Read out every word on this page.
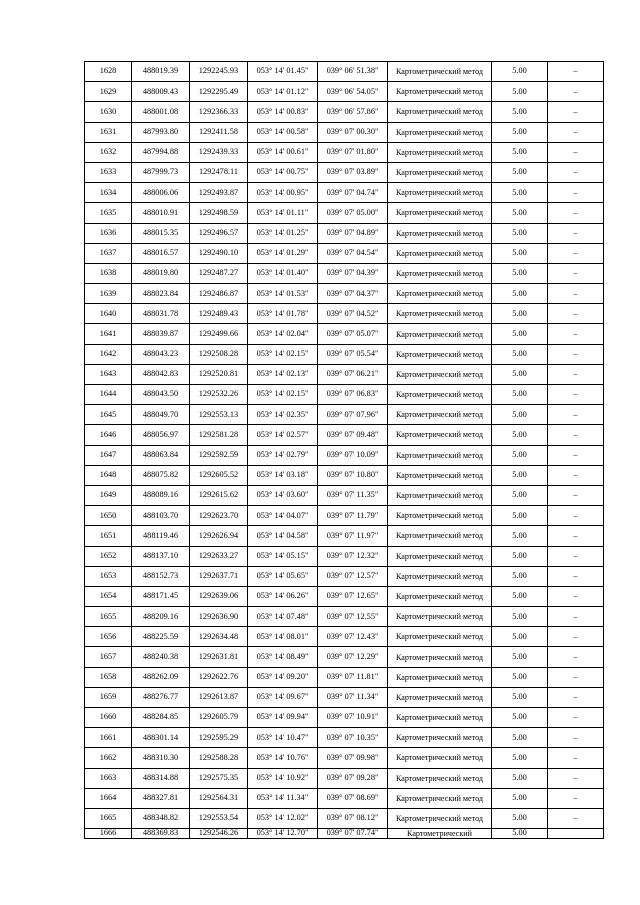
1628	488019.39	1292245.93	053° 14' 01.45"	039° 06' 51.38"	Картометрический метод	5.00	–
1629	488009.43	1292295.49	053° 14' 01.12"	039° 06' 54.05"	Картометрический метод	5.00	–
1630	488001.08	1292366.33	053° 14' 00.83"	039° 06' 57.86"	Картометрический метод	5.00	–
1631	487993.80	1292411.58	053° 14' 00.58"	039° 07' 00.30"	Картометрический метод	5.00	–
1632	487994.88	1292439.33	053° 14' 00.61"	039° 07' 01.80"	Картометрический метод	5.00	–
1633	487999.73	1292478.11	053° 14' 00.75"	039° 07' 03.89"	Картометрический метод	5.00	–
1634	488006.06	1292493.87	053° 14' 00.95"	039° 07' 04.74"	Картометрический метод	5.00	–
1635	488010.91	1292498.59	053° 14' 01.11"	039° 07' 05.00"	Картометрический метод	5.00	–
1636	488015.35	1292496.57	053° 14' 01.25"	039° 07' 04.89"	Картометрический метод	5.00	–
1637	488016.57	1292490.10	053° 14' 01.29"	039° 07' 04.54"	Картометрический метод	5.00	–
1638	488019.80	1292487.27	053° 14' 01.40"	039° 07' 04.39"	Картометрический метод	5.00	–
1639	488023.84	1292486.87	053° 14' 01.53"	039° 07' 04.37"	Картометрический метод	5.00	–
1640	488031.78	1292489.43	053° 14' 01.78"	039° 07' 04.52"	Картометрический метод	5.00	–
1641	488039.87	1292499.66	053° 14' 02.04"	039° 07' 05.07"	Картометрический метод	5.00	–
1642	488043.23	1292508.28	053° 14' 02.15"	039° 07' 05.54"	Картометрический метод	5.00	–
1643	488042.83	1292520.81	053° 14' 02.13"	039° 07' 06.21"	Картометрический метод	5.00	–
1644	488043.50	1292532.26	053° 14' 02.15"	039° 07' 06.83"	Картометрический метод	5.00	–
1645	488049.70	1292553.13	053° 14' 02.35"	039° 07' 07.96"	Картометрический метод	5.00	–
1646	488056.97	1292581.28	053° 14' 02.57"	039° 07' 09.48"	Картометрический метод	5.00	–
1647	488063.84	1292592.59	053° 14' 02.79"	039° 07' 10.09"	Картометрический метод	5.00	–
1648	488075.82	1292605.52	053° 14' 03.18"	039° 07' 10.80"	Картометрический метод	5.00	–
1649	488089.16	1292615.62	053° 14' 03.60"	039° 07' 11.35"	Картометрический метод	5.00	–
1650	488103.70	1292623.70	053° 14' 04.07"	039° 07' 11.79"	Картометрический метод	5.00	–
1651	488119.46	1292626.94	053° 14' 04.58"	039° 07' 11.97"	Картометрический метод	5.00	–
1652	488137.10	1292633.27	053° 14' 05.15"	039° 07' 12.32"	Картометрический метод	5.00	–
1653	488152.73	1292637.71	053° 14' 05.65"	039° 07' 12.57"	Картометрический метод	5.00	–
1654	488171.45	1292639.06	053° 14' 06.26"	039° 07' 12.65"	Картометрический метод	5.00	–
1655	488209.16	1292636.90	053° 14' 07.48"	039° 07' 12.55"	Картометрический метод	5.00	–
1656	488225.59	1292634.48	053° 14' 08.01"	039° 07' 12.43"	Картометрический метод	5.00	–
1657	488240.38	1292631.81	053° 14' 08.49"	039° 07' 12.29"	Картометрический метод	5.00	–
1658	488262.09	1292622.76	053° 14' 09.20"	039° 07' 11.81"	Картометрический метод	5.00	–
1659	488276.77	1292613.87	053° 14' 09.67"	039° 07' 11.34"	Картометрический метод	5.00	–
1660	488284.85	1292605.79	053° 14' 09.94"	039° 07' 10.91"	Картометрический метод	5.00	–
1661	488301.14	1292595.29	053° 14' 10.47"	039° 07' 10.35"	Картометрический метод	5.00	–
1662	488310.30	1292588.28	053° 14' 10.76"	039° 07' 09.98"	Картометрический метод	5.00	–
1663	488314.88	1292575.35	053° 14' 10.92"	039° 07' 09.28"	Картометрический метод	5.00	–
1664	488327.81	1292564.31	053° 14' 11.34"	039° 07' 08.69"	Картометрический метод	5.00	–
1665	488348.82	1292553.54	053° 14' 12.02"	039° 07' 08.12"	Картометрический метод	5.00	–
1666	488369.83	1292546.26	053° 14' 12.70"	039° 07' 07.74"	Картометрический	5.00	
